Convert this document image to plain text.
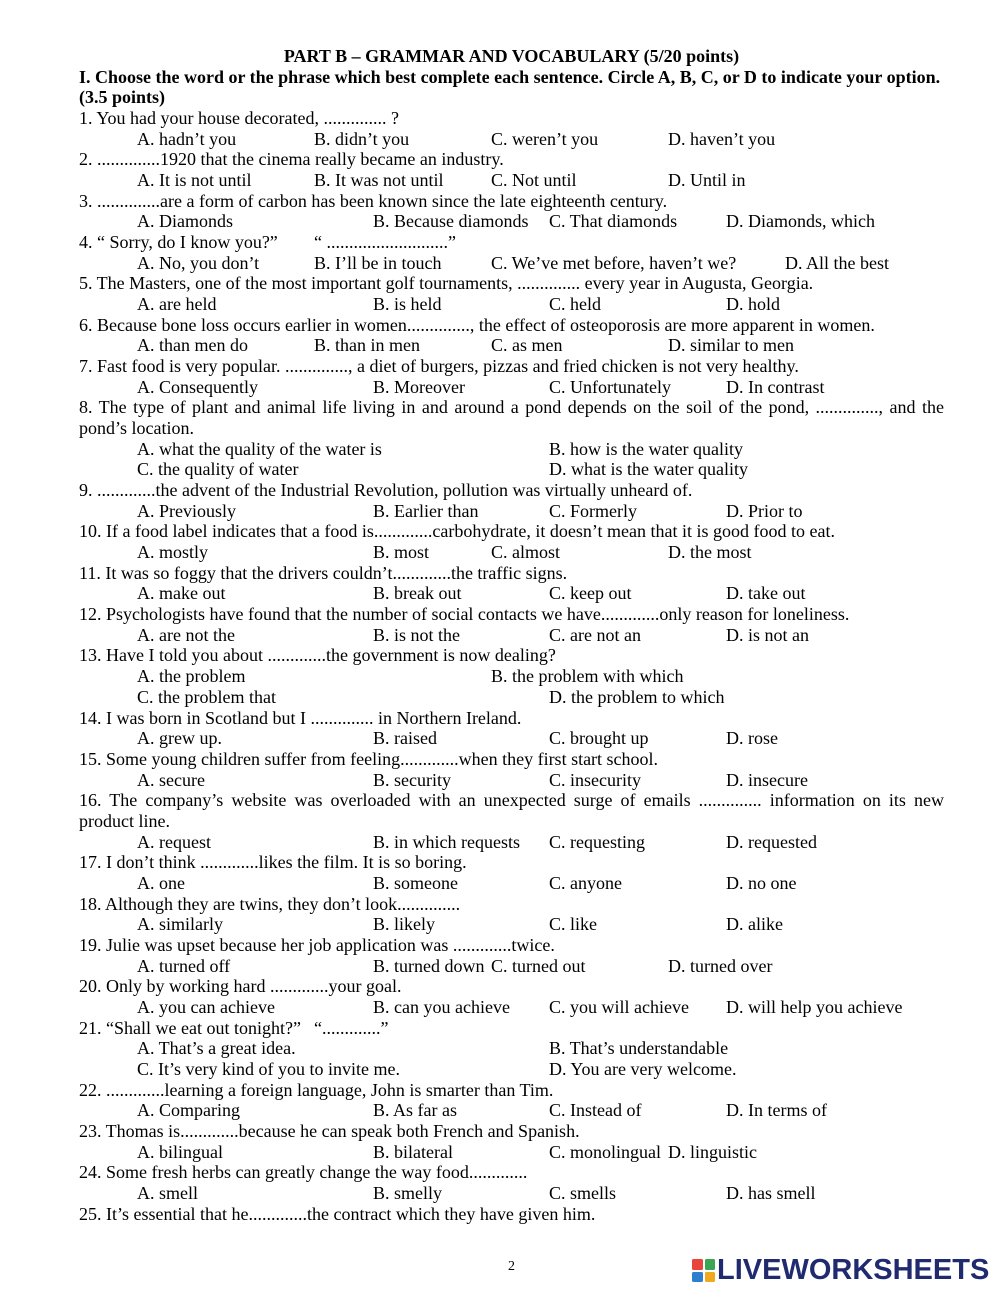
PART B – GRAMMAR AND VOCABULARY (5/20 points)
I. Choose the word or the phrase which best complete each sentence. Circle A, B, C, or D to indicate your option.
(3.5 points)
1. You had your house decorated, .............. ?
A. hadn’t you	B. didn’t you	C. weren’t you	D. haven’t you
2. ..............1920 that the cinema really became an industry.
A. It is not until	B. It was not until	C. Not until	D. Until in
3. ..............are a form of carbon has been known since the late eighteenth century.
A. Diamonds	B. Because diamonds C. That diamonds	D. Diamonds, which
4. “ Sorry, do I know you?” “ ...........................”
A. No, you don’t	B. I’ll be in touch	C. We’ve met before, haven’t we?	D. All the best
5. The Masters, one of the most important golf tournaments, .............. every year in Augusta, Georgia.
A. are held	B. is held	C. held	D. hold
6. Because bone loss occurs earlier in women.............., the effect of osteoporosis are more apparent in women.
A. than men do	B. than in men	C. as men	D. similar to men
7. Fast food is very popular. .............., a diet of burgers, pizzas and fried chicken is not very healthy.
A. Consequently	B. Moreover	C. Unfortunately	D. In contrast
8. The type of plant and animal life living in and around a pond depends on the soil of the pond, .............., and the
pond’s location.
A. what the quality of the water is	B. how is the water quality
C. the quality of water	D. what is the water quality
9. .............the advent of the Industrial Revolution, pollution was virtually unheard of.
A. Previously	B. Earlier than	C. Formerly	D. Prior to
10. If a food label indicates that a food is.............carbohydrate, it doesn’t mean that it is good food to eat.
A. mostly	B. most	C. almost	D. the most
11. It was so foggy that the drivers couldn’t.............the traffic signs.
A. make out	B. break out	C. keep out	D. take out
12. Psychologists have found that the number of social contacts we have.............only reason for loneliness.
A. are not the	B. is not the	C. are not an	D. is not an
13. Have I told you about .............the government is now dealing?
A. the problem	B. the problem with which
C. the problem that	D. the problem to which
14. I was born in Scotland but I .............. in Northern Ireland.
A. grew up.	B. raised	C. brought up	D. rose
15. Some young children suffer from feeling.............when they first start school.
A. secure	B. security	C. insecurity	D. insecure
16. The company’s website was overloaded with an unexpected surge of emails .............. information on its new
product line.
A. request	B. in which requests C. requesting	D. requested
17. I don’t think .............likes the film. It is so boring.
A. one	B. someone	C. anyone	D. no one
18. Although they are twins, they don’t look..............
A. similarly	B. likely	C. like	D. alike
19. Julie was upset because her job application was .............twice.
A. turned off	B. turned down C. turned out	D. turned over
20. Only by working hard .............your goal.
A. you can achieve	B. can you achieve C. you will achieve D. will help you achieve
21. “Shall we eat out tonight?” “.............”
A. That’s a great idea.	B. That’s understandable
C. It’s very kind of you to invite me.	D. You are very welcome.
22. .............learning a foreign language, John is smarter than Tim.
A. Comparing	B. As far as	C. Instead of	D. In terms of
23. Thomas is.............because he can speak both French and Spanish.
A. bilingual	B. bilateral	C. monolingual D. linguistic
24. Some fresh herbs can greatly change the way food.............
A. smell	B. smelly	C. smells	D. has smell
25. It’s essential that he.............the contract which they have given him.
2	LIVEWORKSHEETS
